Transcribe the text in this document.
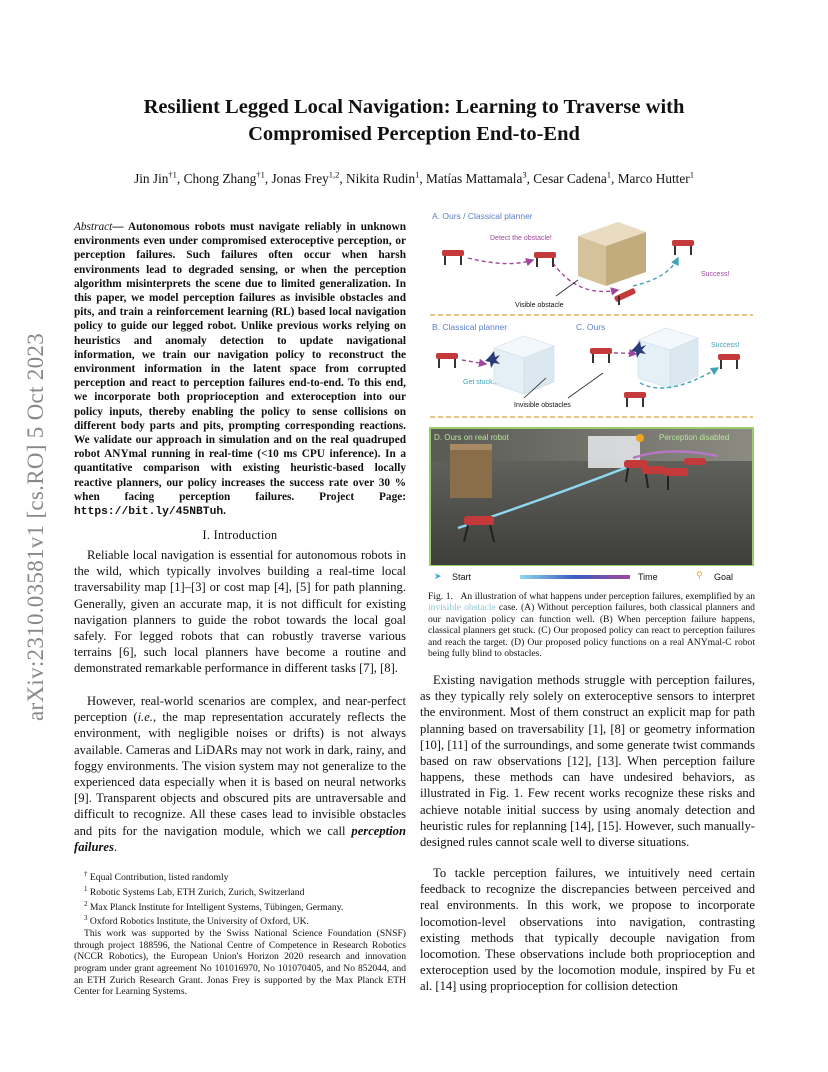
Resilient Legged Local Navigation: Learning to Traverse with
Compromised Perception End-to-End
Jin Jin$^{\dagger 1}$, Chong Zhang$^{\dagger 1}$, Jonas Frey$^{1,2}$, Nikita Rudin$^1$, Matías Mattamala$^3$, Cesar Cadena$^1$, Marco Hutter$^1$
arXiv:2310.03581v1 [cs.RO] 5 Oct 2023
Abstract— Autonomous robots must navigate reliably in unknown environments even under compromised exteroceptive perception, or perception failures. Such failures often occur when harsh environments lead to degraded sensing, or when the perception algorithm misinterprets the scene due to limited generalization. In this paper, we model perception failures as invisible obstacles and pits, and train a reinforcement learning (RL) based local navigation policy to guide our legged robot. Unlike previous works relying on heuristics and anomaly detection to update navigational information, we train our navigation policy to reconstruct the environment information in the latent space from corrupted perception and react to perception failures end-to-end. To this end, we incorporate both proprioception and exteroception into our policy inputs, thereby enabling the policy to sense collisions on different body parts and pits, prompting corresponding reactions. We validate our approach in simulation and on the real quadruped robot ANYmal running in real-time (<10 ms CPU inference). In a quantitative comparison with existing heuristic-based locally reactive planners, our policy increases the success rate over 30 % when facing perception failures. Project Page: https://bit.ly/45NBTuh.
I. Introduction
Reliable local navigation is essential for autonomous robots in the wild, which typically involves building a real-time local traversability map [1]–[3] or cost map [4], [5] for path planning. Generally, given an accurate map, it is not difficult for existing navigation planners to guide the robot towards the local goal safely. For legged robots that can robustly traverse various terrains [6], such local planners have become a routine and demonstrated remarkable performance in different tasks [7], [8].
However, real-world scenarios are complex, and near-perfect perception (i.e., the map representation accurately reflects the environment, with negligible noises or drifts) is not always available. Cameras and LiDARs may not work in dark, rainy, and foggy environments. The vision system may not generalize to the experienced data especially when it is based on neural networks [9]. Transparent objects and obscured pits are untraversable and difficult to recognize. All these cases lead to invisible obstacles and pits for the navigation module, which we call perception failures.
† Equal Contribution, listed randomly
$^1$ Robotic Systems Lab, ETH Zurich, Zurich, Switzerland
$^2$ Max Planck Institute for Intelligent Systems, Tübingen, Germany.
$^3$ Oxford Robotics Institute, the University of Oxford, UK.
This work was supported by the Swiss National Science Foundation (SNSF) through project 188596, the National Centre of Competence in Research Robotics (NCCR Robotics), the European Union's Horizon 2020 research and innovation program under grant agreement No 101016970, No 101070405, and No 852044, and an ETH Zurich Research Grant. Jonas Frey is supported by the Max Planck ETH Center for Learning Systems.
A. Ours / Classical planner
Detect the obstacle!
Success!
Visible obstacle
B. Classical planner	C. Ours
Get stuck...
Success!
Invisible obstacles
D. Ours on real robot	Perception disabled
➤ Start	Time	⚲ Goal
Fig. 1. An illustration of what happens under perception failures, exemplified by an invisible obstacle case. (A) Without perception failures, both classical planners and our navigation policy can function well. (B) When perception failure happens, classical planners get stuck. (C) Our proposed policy can react to perception failures and reach the target. (D) Our proposed policy functions on a real ANYmal-C robot being fully blind to obstacles.
Existing navigation methods struggle with perception failures, as they typically rely solely on exteroceptive sensors to interpret the environment. Most of them construct an explicit map for path planning based on traversability [1], [8] or geometry information [10], [11] of the surroundings, and some generate twist commands based on raw observations [12], [13]. When perception failure happens, these methods can have undesired behaviors, as illustrated in Fig. 1. Few recent works recognize these risks and achieve notable initial success by using anomaly detection and heuristic rules for replanning [14], [15]. However, such manually-designed rules cannot scale well to diverse situations.
To tackle perception failures, we intuitively need certain feedback to recognize the discrepancies between perceived and real environments. In this work, we propose to incorporate locomotion-level observations into navigation, contrasting existing methods that typically decouple navigation from locomotion. These observations include both proprioception and exteroception used by the locomotion module, inspired by Fu et al. [14] using proprioception for collision detection
